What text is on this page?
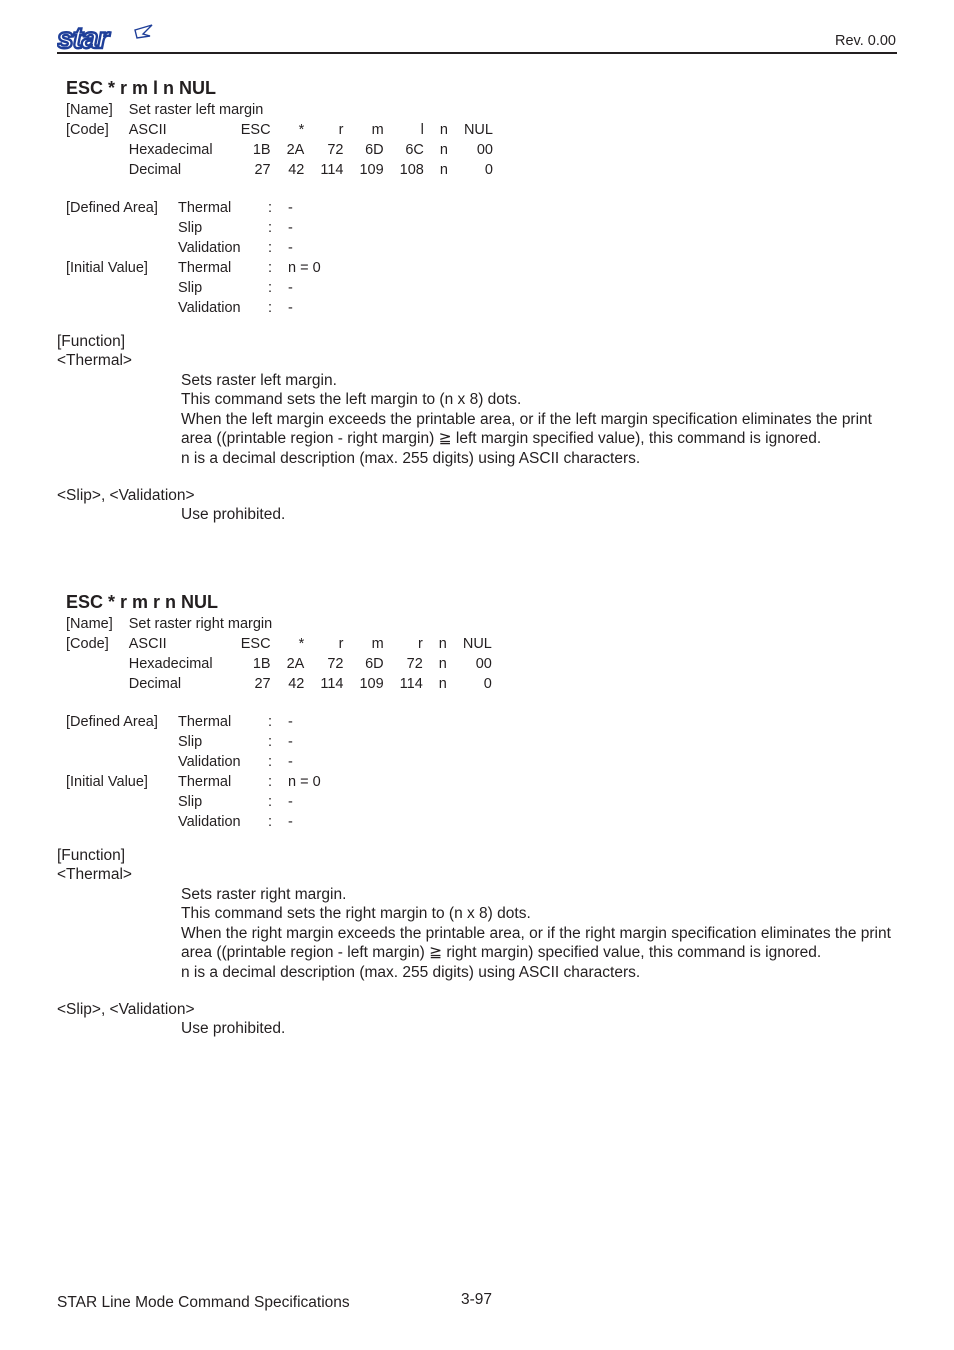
star	Rev. 0.00
ESC * r m l n NUL
[Name]	Set raster left margin							
[Code]	ASCII	ESC	*	r	m	l	n	NUL
	Hexadecimal	1B	2A	72	6D	6C	n	00
	Decimal	27	42	114	109	108	n	0
[Defined Area]	Thermal	:	-
	Slip	:	-
	Validation	:	-
[Initial Value]	Thermal	:	n = 0
	Slip	:	-
	Validation	:	-
[Function]
<Thermal>

Sets raster left margin.

This command sets the left margin to (n x 8) dots.

When the left margin exceeds the printable area, or if the left margin specification eliminates the print area ((printable region - right margin) ≧ left margin specified value), this command is ignored.

n is a decimal description (max. 255 digits) using ASCII characters.

<Slip>, <Validation>
Use prohibited.
ESC * r m r n NUL
[Name]	Set raster right margin							
[Code]	ASCII	ESC	*	r	m	r	n	NUL
	Hexadecimal	1B	2A	72	6D	72	n	00
	Decimal	27	42	114	109	114	n	0
[Defined Area]	Thermal	:	-
	Slip	:	-
	Validation	:	-
[Initial Value]	Thermal	:	n = 0
	Slip	:	-
	Validation	:	-
[Function]
<Thermal>

Sets raster right margin.

This command sets the right margin to (n x 8) dots.

When the right margin exceeds the printable area, or if the right margin specification eliminates the print area ((printable region - left margin) ≧ right margin) specified value, this command is ignored.

n is a decimal description (max. 255 digits) using ASCII characters.

<Slip>, <Validation>
Use prohibited.
STAR Line Mode Command Specifications	3-97
